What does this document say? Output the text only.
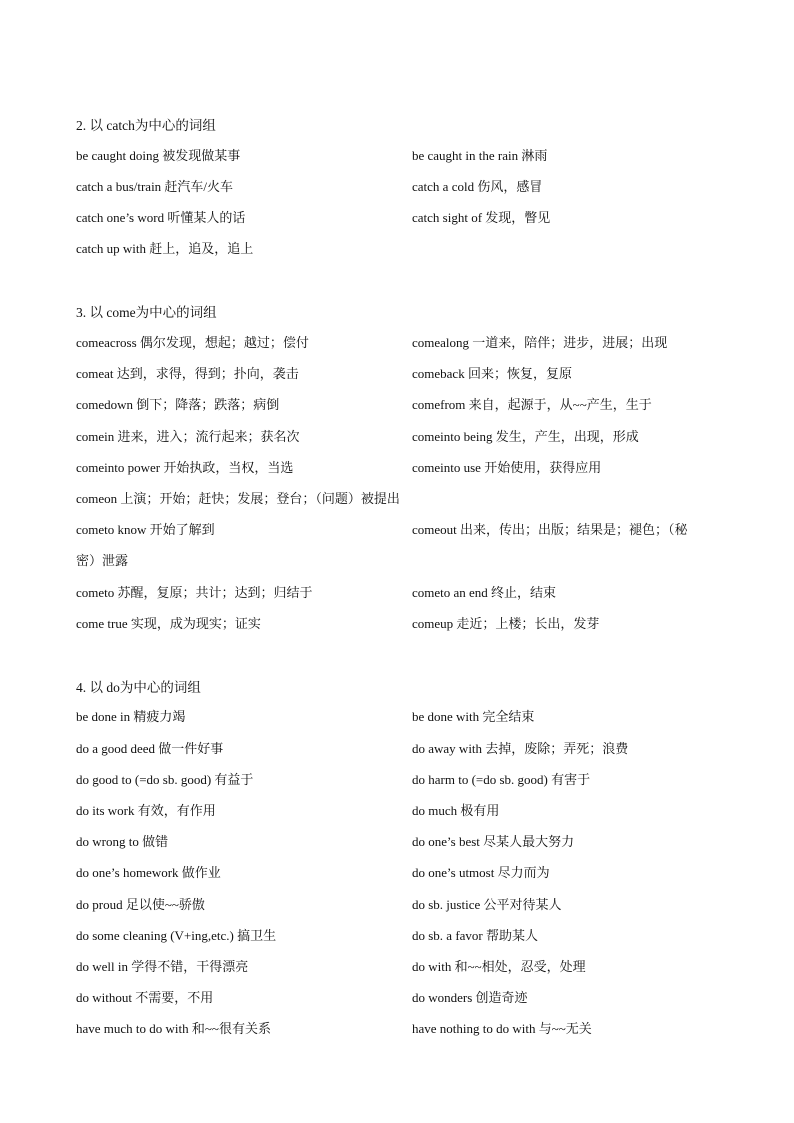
2. 以 catch为中心的词组
be caught doing 被发现做某事	be caught in the rain 淋雨
catch a bus/train 赶汽车/火车	catch a cold 伤风，感冒
catch one’s word 听懂某人的话	catch sight of 发现，瞥见
catch up with 赶上，追及，追上
3. 以 come为中心的词组
comeacross 偶尔发现，想起；越过；偿付	comealong 一道来，陪伴；进步，进展；出现
comeat 达到，求得，得到；扑向，袭击	comeback 回来；恢复，复原
comedown 倒下；降落；跌落；病倒	comefrom 来自，起源于，从~~产生，生于
comein 进来，进入；流行起来；获名次	comeinto being 发生，产生，出现，形成
comeinto power 开始执政，当权，当选	comeinto use 开始使用，获得应用
comeon 上演；开始；赶快；发展；登台；（问题）被提出
cometo know 开始了解到	comeout 出来，传出；出版；结果是；褪色；（秘
密）泄露
cometo 苏醒，复原；共计；达到；归结于	cometo an end 终止，结束
come true 实现，成为现实；证实	comeup 走近；上楼；长出，发芽
4. 以 do为中心的词组
be done in 精疲力竭	be done with 完全结束
do a good deed 做一件好事	do away with 去掉，废除；弄死；浪费
do good to (=do sb. good) 有益于	do harm to (=do sb. good) 有害于
do its work 有效，有作用	do much 极有用
do wrong to 做错	do one’s best 尽某人最大努力
do one’s homework 做作业	do one’s utmost 尽力而为
do proud 足以使~~骄傲	do sb. justice 公平对待某人
do some cleaning (V+ing,etc.) 搞卫生	do sb. a favor 帮助某人
do well in 学得不错，干得漂亮	do with 和~~相处，忍受，处理
do without 不需要，不用	do wonders 创造奇迹
have much to do with 和~~很有关系	have nothing to do with 与~~无关
